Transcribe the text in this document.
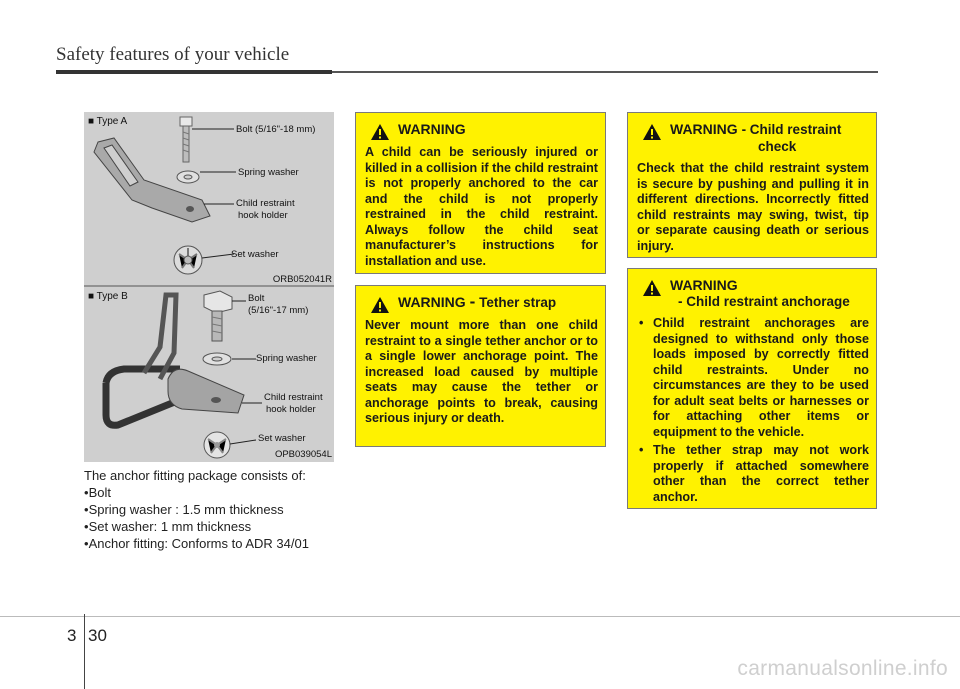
Safety features of your vehicle
■ Type A
Bolt (5/16"-18 mm)
Spring washer
Child restraint
hook holder
Set washer
ORB052041R
■ Type B	Bolt
(5/16"-17 mm)
Spring washer
Child restraint
hook holder
Set washer
OPB039054L
The anchor fitting package consists of:
• Bolt
• Spring washer : 1.5 mm thickness
• Set washer: 1 mm thickness
• Anchor fitting: Conforms to ADR 34/01
WARNING
A child can be seriously injured or killed in a collision if the child restraint is not properly anchored to the car and the child is not properly restrained in the child restraint. Always follow the child seat manufacturer’s instructions for installation and use.
WARNING - Tether strap
Never mount more than one child restraint to a single tether anchor or to a single lower anchorage point. The increased load caused by multiple seats may cause the tether or anchorage points to break, causing serious injury or death.
WARNING - Child restraint
check
Check that the child restraint system is secure by pushing and pulling it in different directions. Incorrectly fitted child restraints may swing, twist, tip or separate causing death or serious injury.
WARNING
- Child restraint anchorage
• Child restraint anchorages are designed to withstand only those loads imposed by correctly fitted child restraints. Under no circumstances are they to be used for adult seat belts or harnesses or for attaching other items or equipment to the vehicle.
• The tether strap may not work properly if attached somewhere other than the correct tether anchor.
3 30
carmanualsonline.info
